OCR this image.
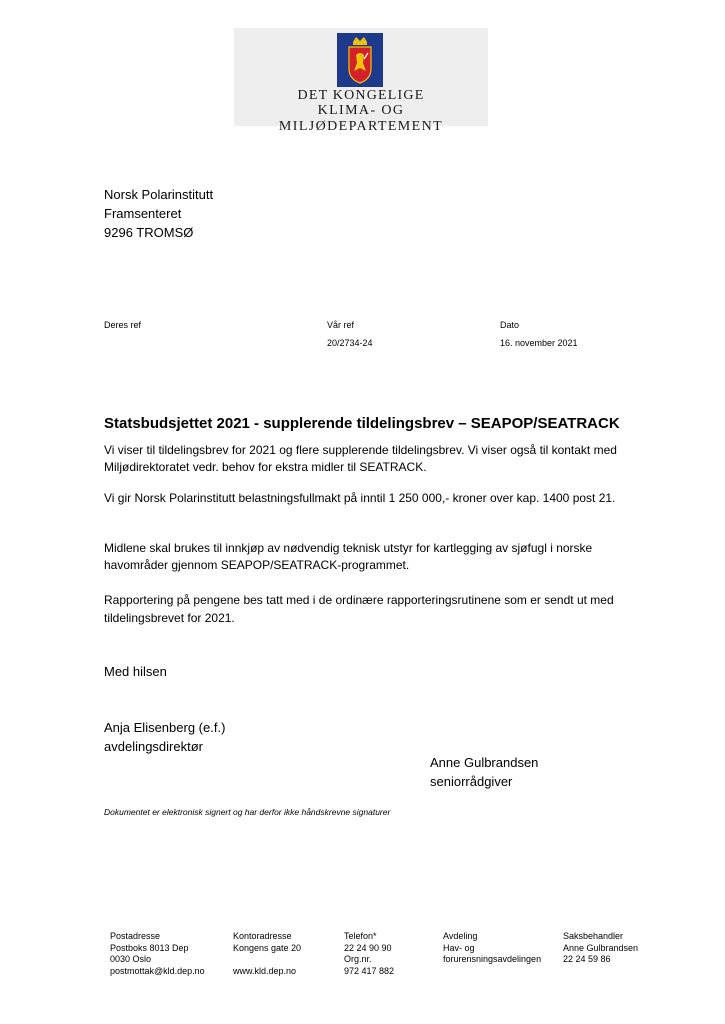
DET KONGELIGE
KLIMA- OG MILJØDEPARTEMENT
Norsk Polarinstitutt
Framsenteret
9296 TROMSØ
Deres ref	Vår ref
20/2734-24
Dato
16. november 2021
Statsbudsjettet 2021 - supplerende tildelingsbrev – SEAPOP/SEATRACK
Vi viser til tildelingsbrev for 2021 og flere supplerende tildelingsbrev. Vi viser også til kontakt med Miljødirektoratet vedr. behov for ekstra midler til SEATRACK.
Vi gir Norsk Polarinstitutt belastningsfullmakt på inntil 1 250 000,- kroner over kap. 1400 post 21.
Midlene skal brukes til innkjøp av nødvendig teknisk utstyr for kartlegging av sjøfugl i norske havområder gjennom SEAPOP/SEATRACK-programmet.
Rapportering på pengene bes tatt med i de ordinære rapporteringsrutinene som er sendt ut med tildelingsbrevet for 2021.
Med hilsen
Anja Elisenberg (e.f.)
avdelingsdirektør
Anne Gulbrandsen
seniorrådgiver
Dokumentet er elektronisk signert og har derfor ikke håndskrevne signaturer
Postadresse
Postboks 8013 Dep
0030 Oslo
postmottak@kld.dep.no
Kontoradresse
Kongens gate 20

www.kld.dep.no
Telefon*
22 24 90 90
Org.nr.
972 417 882
Avdeling
Hav- og
forurensningsavdelingen
Saksbehandler
Anne Gulbrandsen
22 24 59 86
